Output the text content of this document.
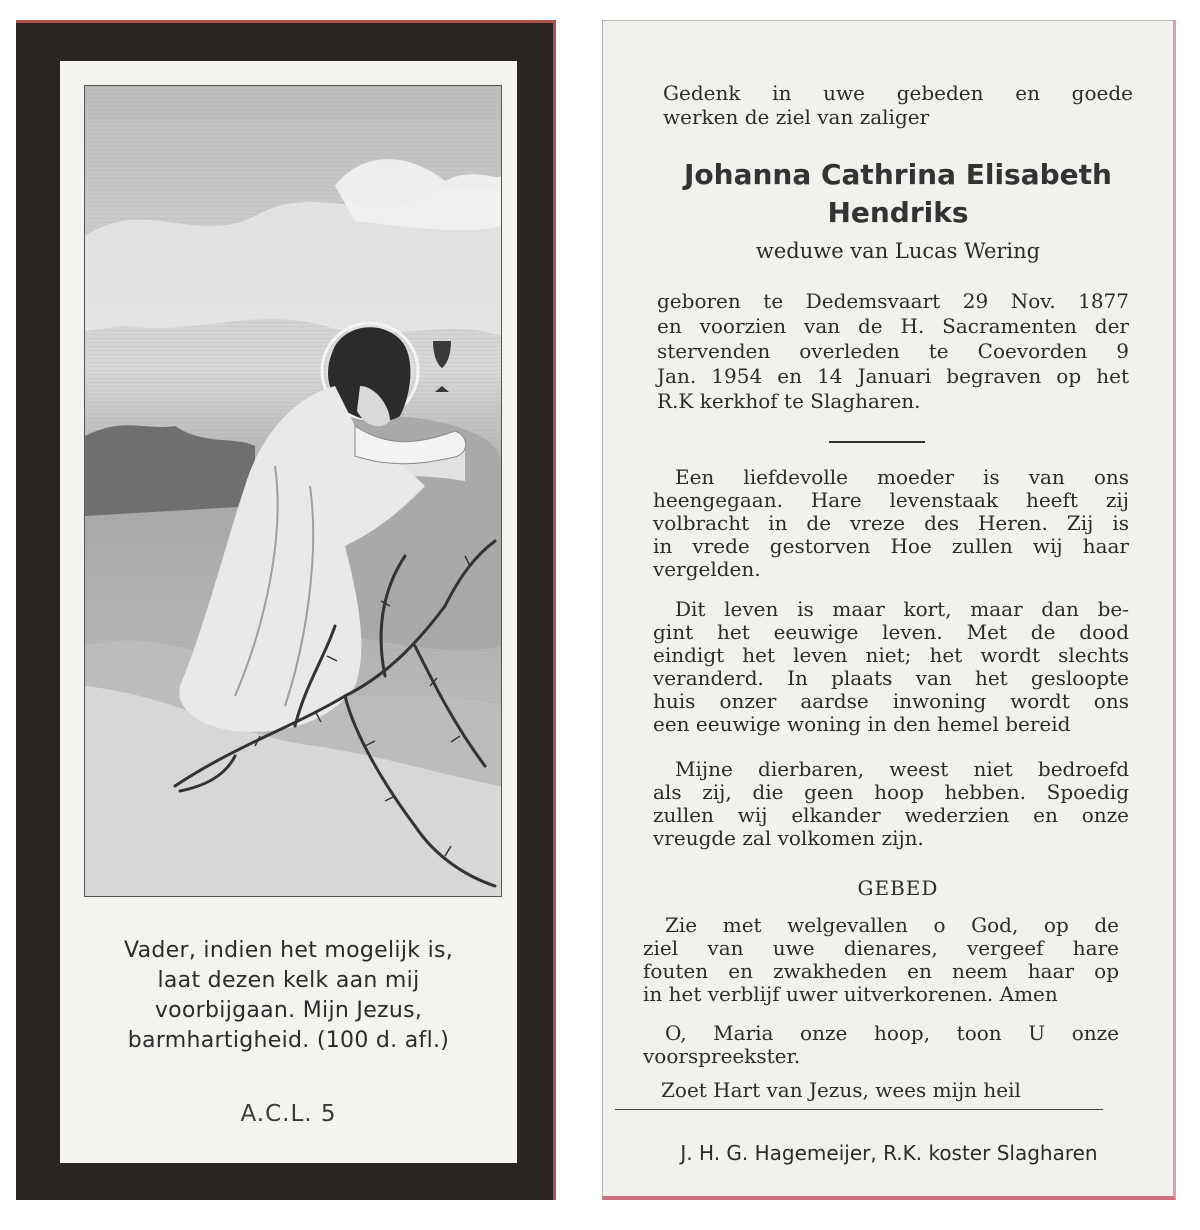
Vader, indien het mogelijk is,
laat dezen kelk aan mij
voorbijgaan. Mijn Jezus,
barmhartigheid. (100 d. afl.)
A.C.L. 5
Gedenk in uwe gebeden en goede
werken de ziel van zaliger
Johanna Cathrina Elisabeth
Hendriks
weduwe van Lucas Wering
geboren te Dedemsvaart 29 Nov. 1877
en voorzien van de H. Sacramenten der
stervenden overleden te Coevorden 9
Jan. 1954 en 14 Januari begraven op het
R.K kerkhof te Slagharen.
Een liefdevolle moeder is van ons
heengegaan. Hare levenstaak heeft zij
volbracht in de vreze des Heren. Zij is
in vrede gestorven Hoe zullen wij haar
vergelden.
Dit leven is maar kort, maar dan be-
gint het eeuwige leven. Met de dood
eindigt het leven niet; het wordt slechts
veranderd. In plaats van het gesloopte
huis onzer aardse inwoning wordt ons
een eeuwige woning in den hemel bereid
Mijne dierbaren, weest niet bedroefd
als zij, die geen hoop hebben. Spoedig
zullen wij elkander wederzien en onze
vreugde zal volkomen zijn.
GEBED
Zie met welgevallen o God, op de
ziel van uwe dienares, vergeef hare
fouten en zwakheden en neem haar op
in het verblijf uwer uitverkorenen. Amen
O, Maria onze hoop, toon U onze
voorspreekster.
Zoet Hart van Jezus, wees mijn heil
J. H. G. Hagemeijer, R.K. koster Slagharen
